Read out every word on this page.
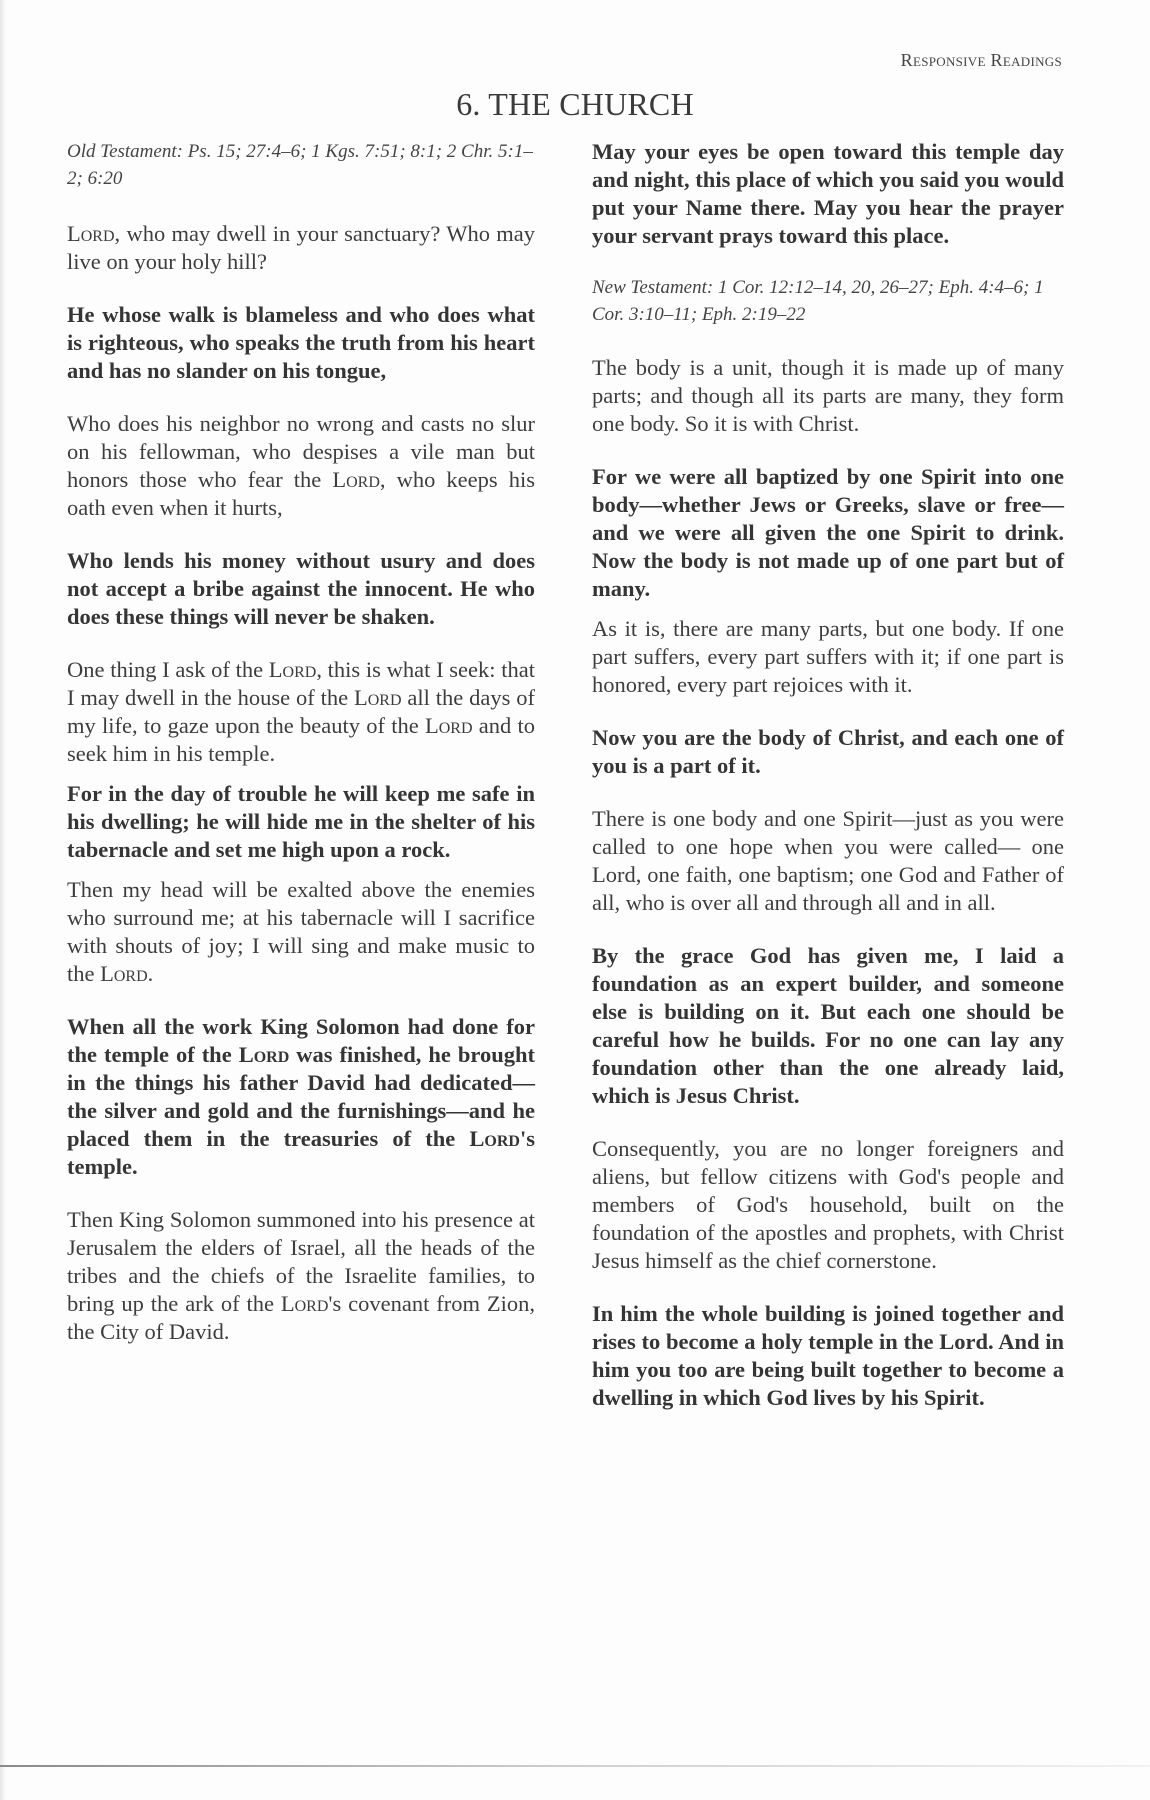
Responsive Readings
6. THE CHURCH
Old Testament: Ps. 15; 27:4–6; 1 Kgs. 7:51; 8:1; 2 Chr. 5:1–2; 6:20

Lord, who may dwell in your sanctuary? Who may live on your holy hill?

He whose walk is blameless and who does what is righteous, who speaks the truth from his heart and has no slander on his tongue,

Who does his neighbor no wrong and casts no slur on his fellowman, who despises a vile man but honors those who fear the Lord, who keeps his oath even when it hurts,

Who lends his money without usury and does not accept a bribe against the innocent. He who does these things will never be shaken.

One thing I ask of the Lord, this is what I seek: that I may dwell in the house of the Lord all the days of my life, to gaze upon the beauty of the Lord and to seek him in his temple.

For in the day of trouble he will keep me safe in his dwelling; he will hide me in the shelter of his tabernacle and set me high upon a rock.

Then my head will be exalted above the enemies who surround me; at his tabernacle will I sacrifice with shouts of joy; I will sing and make music to the Lord.

When all the work King Solomon had done for the temple of the Lord was finished, he brought in the things his father David had dedicated—the silver and gold and the furnishings—and he placed them in the treasuries of the Lord's temple.

Then King Solomon summoned into his presence at Jerusalem the elders of Israel, all the heads of the tribes and the chiefs of the Israelite families, to bring up the ark of the Lord's covenant from Zion, the City of David.

May your eyes be open toward this temple day and night, this place of which you said you would put your Name there. May you hear the prayer your servant prays toward this place.

New Testament: 1 Cor. 12:12–14, 20, 26–27; Eph. 4:4–6; 1 Cor. 3:10–11; Eph. 2:19–22

The body is a unit, though it is made up of many parts; and though all its parts are many, they form one body. So it is with Christ.

For we were all baptized by one Spirit into one body—whether Jews or Greeks, slave or free—and we were all given the one Spirit to drink. Now the body is not made up of one part but of many.

As it is, there are many parts, but one body. If one part suffers, every part suffers with it; if one part is honored, every part rejoices with it.

Now you are the body of Christ, and each one of you is a part of it.

There is one body and one Spirit—just as you were called to one hope when you were called— one Lord, one faith, one baptism; one God and Father of all, who is over all and through all and in all.

By the grace God has given me, I laid a foundation as an expert builder, and someone else is building on it. But each one should be careful how he builds. For no one can lay any foundation other than the one already laid, which is Jesus Christ.

Consequently, you are no longer foreigners and aliens, but fellow citizens with God's people and members of God's household, built on the foundation of the apostles and prophets, with Christ Jesus himself as the chief cornerstone.

In him the whole building is joined together and rises to become a holy temple in the Lord. And in him you too are being built together to become a dwelling in which God lives by his Spirit.
